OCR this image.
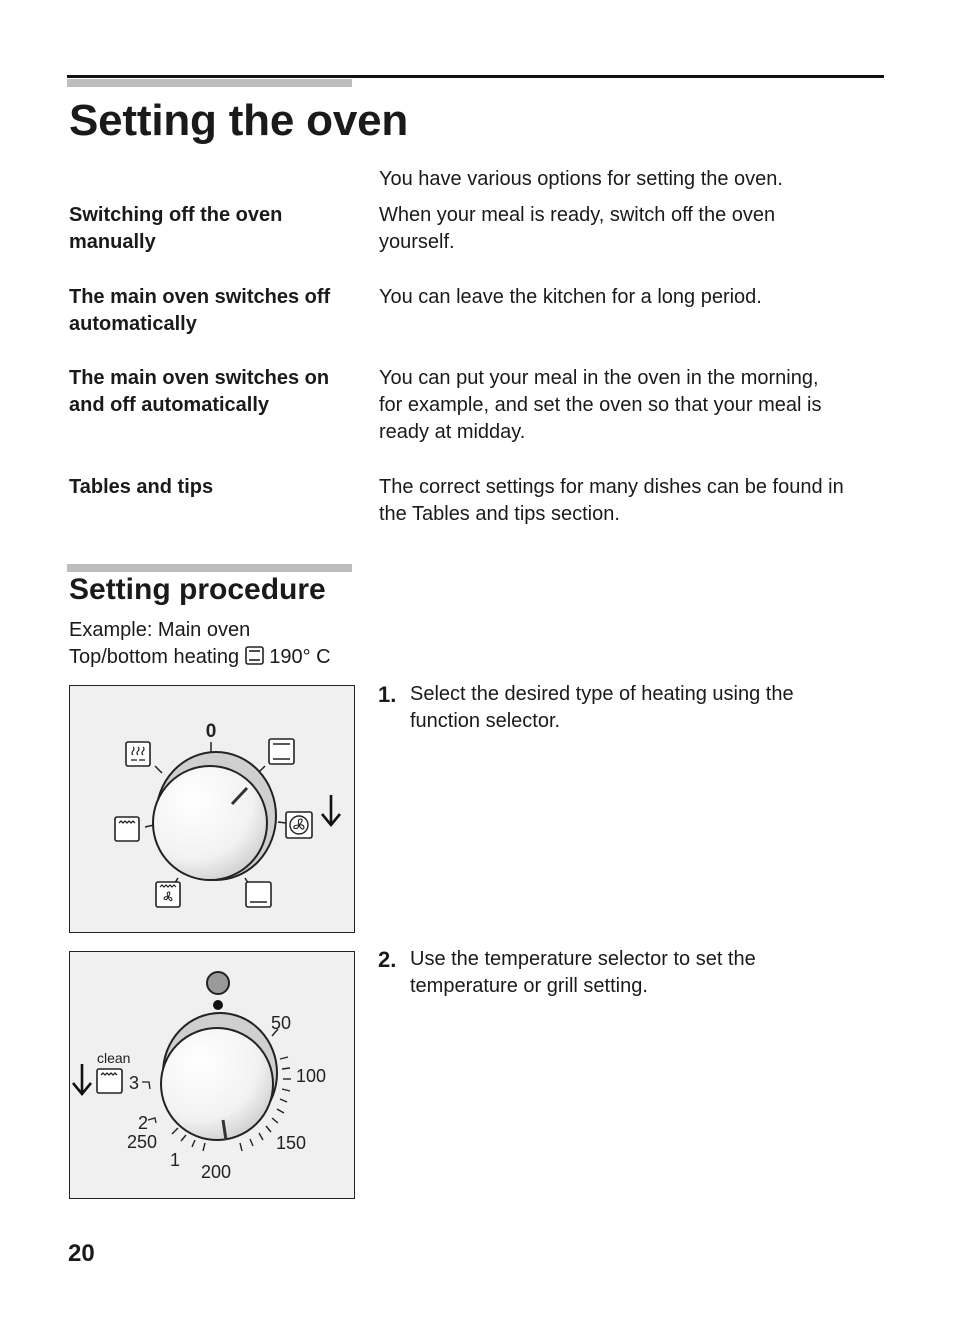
Setting the oven

You have various options for setting the oven.

Switching off the oven
manually

When your meal is ready, switch off the oven
yourself.

The main oven switches off
automatically

You can leave the kitchen for a long period.

The main oven switches on
and off automatically

You can put your meal in the oven in the morning,
for example, and set the oven so that your meal is
ready at midday.

Tables and tips	The correct settings for many dishes can be found in
the Tables and tips section.

Setting procedure

Example: Main oven
Top/bottom heating 190° C

0
1. Select the desired type of heating using the
function selector.

50
100
150
200
250
1
2
3
clean
2. Use the temperature selector to set the
temperature or grill setting.

20
